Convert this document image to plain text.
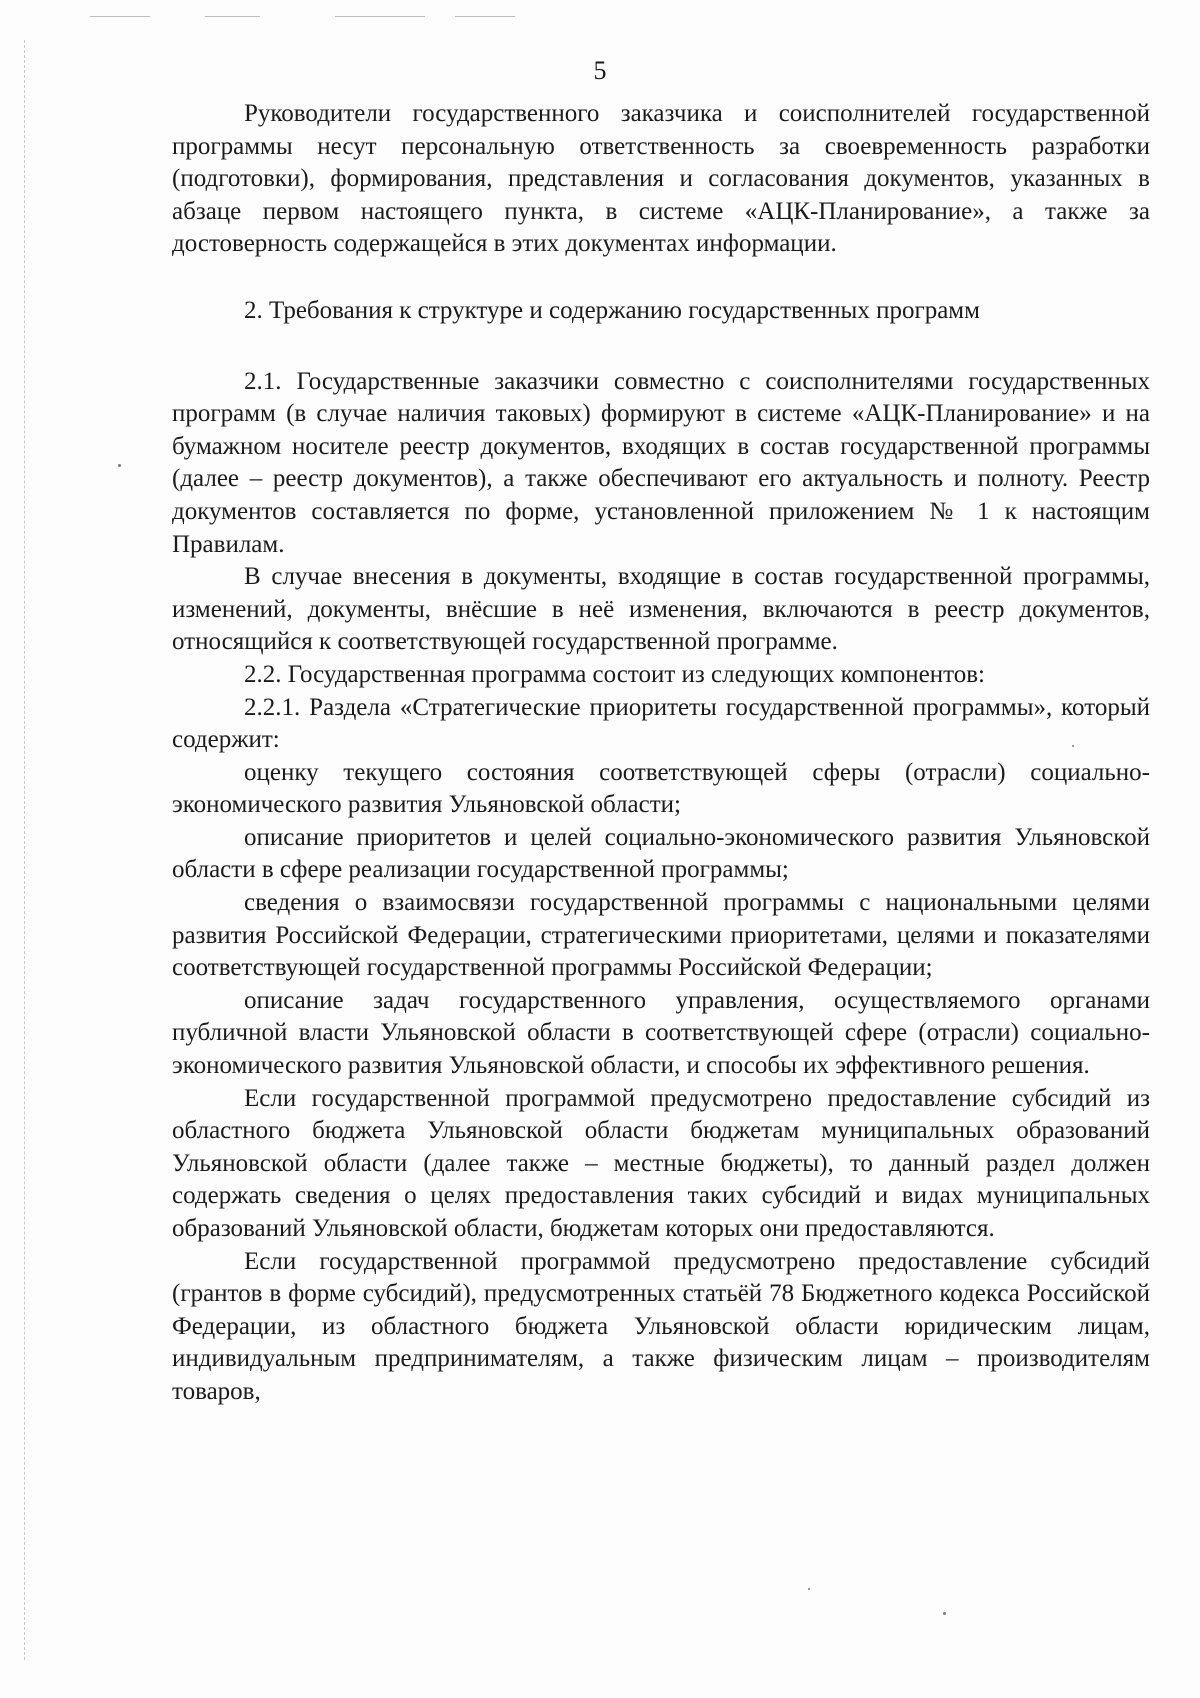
5

Руководители государственного заказчика и соисполнителей государственной программы несут персональную ответственность за своевременность разработки (подготовки), формирования, представления и согласования документов, указанных в абзаце первом настоящего пункта, в системе «АЦК-Планирование», а также за достоверность содержащейся в этих документах информации.

2. Требования к структуре и содержанию государственных программ

2.1. Государственные заказчики совместно с соисполнителями государственных программ (в случае наличия таковых) формируют в системе «АЦК-Планирование» и на бумажном носителе реестр документов, входящих в состав государственной программы (далее – реестр документов), а также обеспечивают его актуальность и полноту. Реестр документов составляется по форме, установленной приложением № 1 к настоящим Правилам.

В случае внесения в документы, входящие в состав государственной программы, изменений, документы, внёсшие в неё изменения, включаются в реестр документов, относящийся к соответствующей государственной программе.

2.2. Государственная программа состоит из следующих компонентов:

2.2.1. Раздела «Стратегические приоритеты государственной программы», который содержит:

оценку текущего состояния соответствующей сферы (отрасли) социально-экономического развития Ульяновской области;

описание приоритетов и целей социально-экономического развития Ульяновской области в сфере реализации государственной программы;

сведения о взаимосвязи государственной программы с национальными целями развития Российской Федерации, стратегическими приоритетами, целями и показателями соответствующей государственной программы Российской Федерации;

описание задач государственного управления, осуществляемого органами публичной власти Ульяновской области в соответствующей сфере (отрасли) социально-экономического развития Ульяновской области, и способы их эффективного решения.

Если государственной программой предусмотрено предоставление субсидий из областного бюджета Ульяновской области бюджетам муниципальных образований Ульяновской области (далее также – местные бюджеты), то данный раздел должен содержать сведения о целях предоставления таких субсидий и видах муниципальных образований Ульяновской области, бюджетам которых они предоставляются.

Если государственной программой предусмотрено предоставление субсидий (грантов в форме субсидий), предусмотренных статьёй 78 Бюджетного кодекса Российской Федерации, из областного бюджета Ульяновской области юридическим лицам, индивидуальным предпринимателям, а также физическим лицам – производителям товаров,
